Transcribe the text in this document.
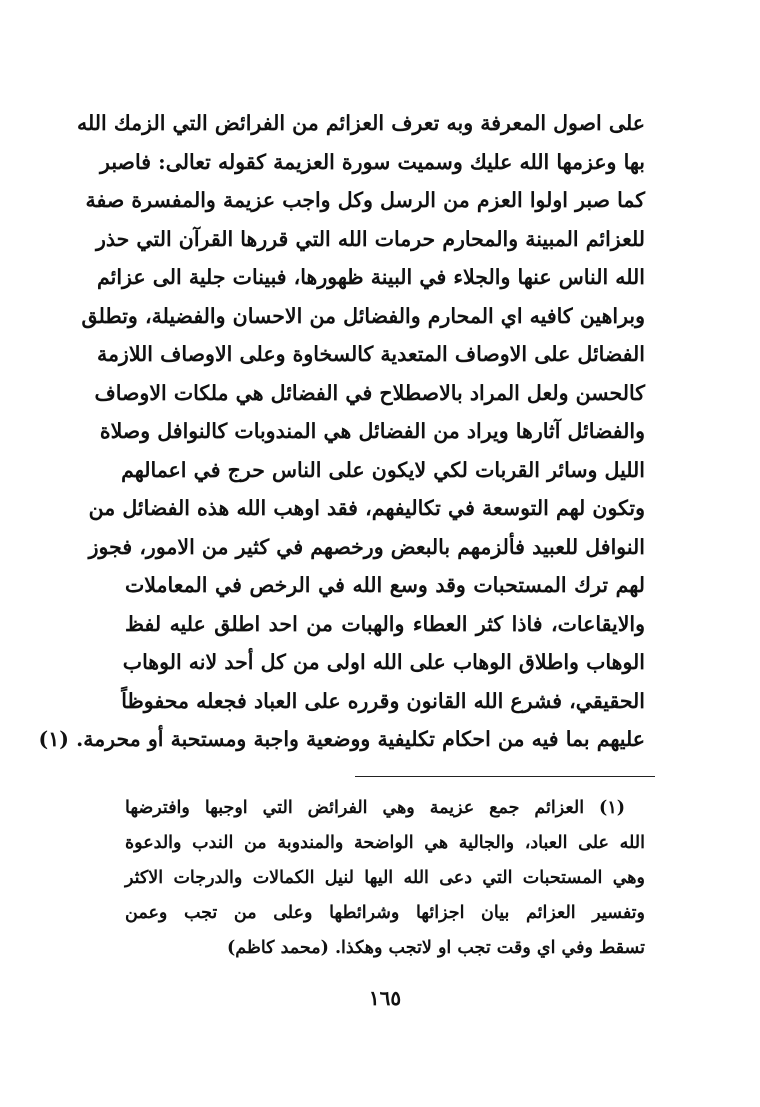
على اصول المعرفة وبه تعرف العزائم من الفرائض التي الزمك الله
بها وعزمها الله عليك وسميت سورة العزيمة كقوله تعالى: فاصبر
كما صبر اولوا العزم من الرسل وكل واجب عزيمة والمفسرة صفة
للعزائم المبينة والمحارم حرمات الله التي قررها القرآن التي حذر
الله الناس عنها والجلاء في البينة ظهورها، فبينات جلية الى عزائم
وبراهين كافيه اي المحارم والفضائل من الاحسان والفضيلة، وتطلق
الفضائل على الاوصاف المتعدية كالسخاوة وعلى الاوصاف اللازمة
كالحسن ولعل المراد بالاصطلاح في الفضائل هي ملكات الاوصاف
والفضائل آثارها ويراد من الفضائل هي المندوبات كالنوافل وصلاة
الليل وسائر القربات لكي لايكون على الناس حرج في اعمالهم
وتكون لهم التوسعة في تكاليفهم، فقد اوهب الله هذه الفضائل من
النوافل للعبيد فألزمهم بالبعض ورخصهم في كثير من الامور، فجوز
لهم ترك المستحبات وقد وسع الله في الرخص في المعاملات
والايقاعات، فاذا كثر العطاء والهبات من احد اطلق عليه لفظ
الوهاب واطلاق الوهاب على الله اولى من كل أحد لانه الوهاب
الحقيقي، فشرع الله القانون وقرره على العباد فجعله محفوظاً
عليهم بما فيه من احكام تكليفية ووضعية واجبة ومستحبة أو محرمة. (١)
(١) العزائم جمع عزيمة وهي الفرائض التي اوجبها وافترضها
الله على العباد، والجالية هي الواضحة والمندوبة من الندب والدعوة
وهي المستحبات التي دعى الله اليها لنيل الكمالات والدرجات الاكثر
وتفسير العزائم بيان اجزائها وشرائطها وعلى من تجب وعمن
تسقط وفي اي وقت تجب او لاتجب وهكذا. (محمد كاظم)
١٦٥
